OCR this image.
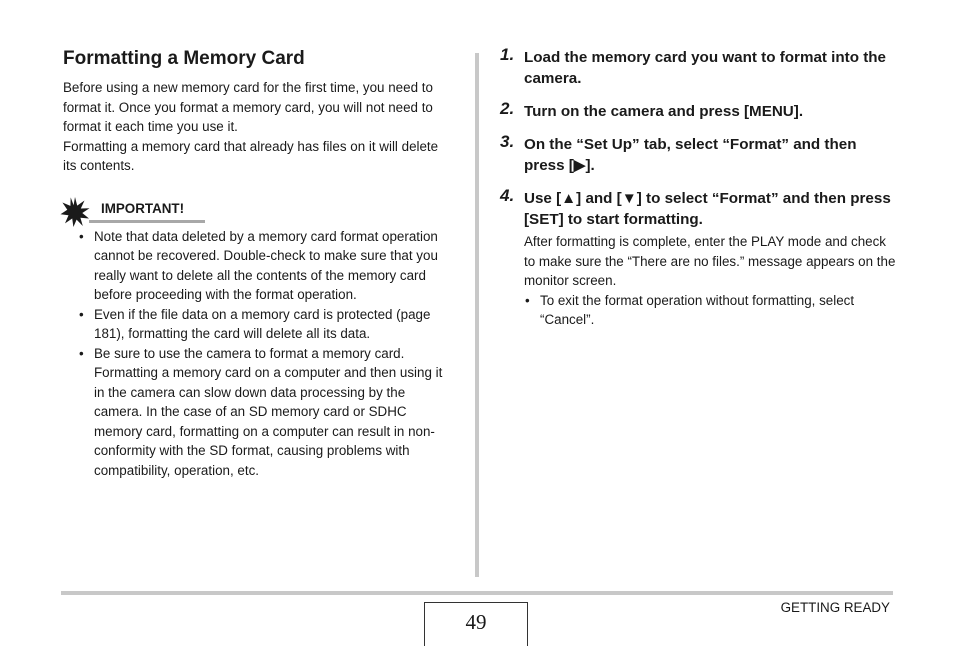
Formatting a Memory Card

Before using a new memory card for the first time, you need to format it. Once you format a memory card, you will not need to format it each time you use it.

Formatting a memory card that already has files on it will delete its contents.

IMPORTANT!
• Note that data deleted by a memory card format operation cannot be recovered. Double-check to make sure that you really want to delete all the contents of the memory card before proceeding with the format operation.
• Even if the file data on a memory card is protected (page 181), formatting the card will delete all its data.
• Be sure to use the camera to format a memory card. Formatting a memory card on a computer and then using it in the camera can slow down data processing by the camera. In the case of an SD memory card or SDHC memory card, formatting on a computer can result in non-conformity with the SD format, causing problems with compatibility, operation, etc.
1. Load the memory card you want to format into the camera.
2. Turn on the camera and press [MENU].
3. On the “Set Up” tab, select “Format” and then press [▶].
4. Use [▲] and [▼] to select “Format” and then press [SET] to start formatting.
After formatting is complete, enter the PLAY mode and check to make sure the “There are no files.” message appears on the monitor screen.
• To exit the format operation without formatting, select “Cancel”.
49
GETTING READY
